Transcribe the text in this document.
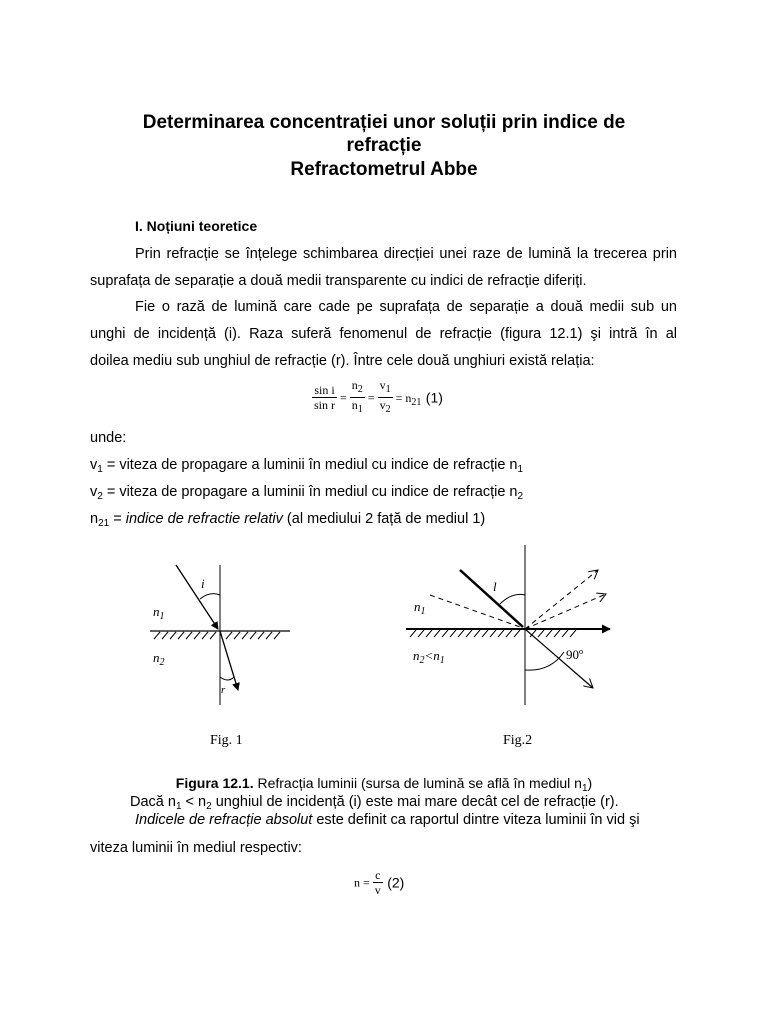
Determinarea concentrației unor soluții prin indice de
refracție
Refractometrul Abbe
I. Noțiuni teoretice
Prin refracție se înțelege schimbarea direcției unei raze de lumină la trecerea prin
suprafața de separație a două medii transparente cu indici de refracție diferiți.
Fie o rază de lumină care cade pe suprafața de separație a două medii sub un
unghi de incidență (i). Raza suferă fenomenul de refracție (figura 12.1) şi intră în al
doilea mediu sub unghiul de refracție (r). Între cele două unghiuri există relația:
$\frac{\text{sin i}}{\text{sin r}} = \frac{n_2}{n_1} = \frac{v_1}{v_2} = n_{21}$ (1)
unde:
$v_1$ = viteza de propagare a luminii în mediul cu indice de refracție $n_1$
$v_2$ = viteza de propagare a luminii în mediul cu indice de refracție $n_2$
$n_{21}$ = indice de refractie relativ (al mediului 2 față de mediul 1)
i
$n_1$
$n_2$
r
Fig. 1
l
$n_1$
$n_2<n_1$	90º
Fig.2
Figura 12.1. Refracția luminii (sursa de lumină se află în mediul $n_1$)
Dacă $n_1 < n_2$ unghiul de incidență (i) este mai mare decât cel de refracție (r).
Indicele de refracție absolut este definit ca raportul dintre viteza luminii în vid şi
viteza luminii în mediul respectiv:
$n = \frac{c}{v} (2)$
